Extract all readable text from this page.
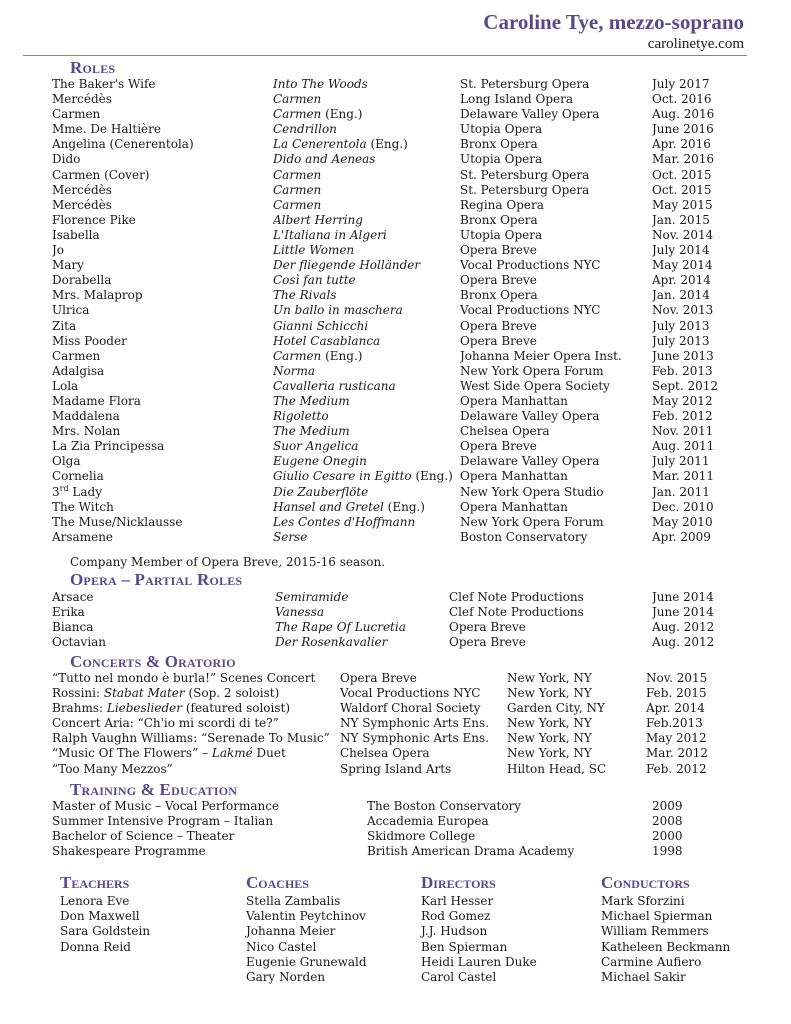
Caroline Tye, mezzo-soprano
carolinetye.com
Roles
The Baker's Wife	Into The Woods	St. Petersburg Opera	July 2017
Mercédès	Carmen	Long Island Opera	Oct. 2016
Carmen	Carmen (Eng.)	Delaware Valley Opera	Aug. 2016
Mme. De Haltière	Cendrillon	Utopia Opera	June 2016
Angelina (Cenerentola)	La Cenerentola (Eng.)	Bronx Opera	Apr. 2016
Dido	Dido and Aeneas	Utopia Opera	Mar. 2016
Carmen (Cover)	Carmen	St. Petersburg Opera	Oct. 2015
Mercédès	Carmen	St. Petersburg Opera	Oct. 2015
Mercédès	Carmen	Regina Opera	May 2015
Florence Pike	Albert Herring	Bronx Opera	Jan. 2015
Isabella	L'Italiana in Algeri	Utopia Opera	Nov. 2014
Jo	Little Women	Opera Breve	July 2014
Mary	Der fliegende Holländer	Vocal Productions NYC	May 2014
Dorabella	Così fan tutte	Opera Breve	Apr. 2014
Mrs. Malaprop	The Rivals	Bronx Opera	Jan. 2014
Ulrica	Un ballo in maschera	Vocal Productions NYC	Nov. 2013
Zita	Gianni Schicchi	Opera Breve	July 2013
Miss Pooder	Hotel Casablanca	Opera Breve	July 2013
Carmen	Carmen (Eng.)	Johanna Meier Opera Inst.	June 2013
Adalgisa	Norma	New York Opera Forum	Feb. 2013
Lola	Cavalleria rusticana	West Side Opera Society	Sept. 2012
Madame Flora	The Medium	Opera Manhattan	May 2012
Maddalena	Rigoletto	Delaware Valley Opera	Feb. 2012
Mrs. Nolan	The Medium	Chelsea Opera	Nov. 2011
La Zia Principessa	Suor Angelica	Opera Breve	Aug. 2011
Olga	Eugene Onegin	Delaware Valley Opera	July 2011
Cornelia	Giulio Cesare in Egitto (Eng.)	Opera Manhattan	Mar. 2011
3rd Lady	Die Zauberflöte	New York Opera Studio	Jan. 2011
The Witch	Hansel and Gretel (Eng.)	Opera Manhattan	Dec. 2010
The Muse/Nicklausse	Les Contes d'Hoffmann	New York Opera Forum	May 2010
Arsamene	Serse	Boston Conservatory	Apr. 2009
Company Member of Opera Breve, 2015-16 season.
Opera – Partial Roles
Arsace	Semiramide	Clef Note Productions	June 2014
Erika	Vanessa	Clef Note Productions	June 2014
Bianca	The Rape Of Lucretia	Opera Breve	Aug. 2012
Octavian	Der Rosenkavalier	Opera Breve	Aug. 2012
Concerts & Oratorio
“Tutto nel mondo è burla!” Scenes Concert	Opera Breve	New York, NY	Nov. 2015
Rossini: Stabat Mater (Sop. 2 soloist)	Vocal Productions NYC	New York, NY	Feb. 2015
Brahms: Liebeslieder (featured soloist)	Waldorf Choral Society	Garden City, NY	Apr. 2014
Concert Aria: “Ch'io mi scordi di te?”	NY Symphonic Arts Ens.	New York, NY	Feb.2013
Ralph Vaughn Williams: “Serenade To Music”	NY Symphonic Arts Ens.	New York, NY	May 2012
“Music Of The Flowers” – Lakmé Duet	Chelsea Opera	New York, NY	Mar. 2012
“Too Many Mezzos”	Spring Island Arts	Hilton Head, SC	Feb. 2012
Training & Education
Master of Music – Vocal Performance	The Boston Conservatory	2009
Summer Intensive Program – Italian	Accademia Europea	2008
Bachelor of Science – Theater	Skidmore College	2000
Shakespeare Programme	British American Drama Academy	1998
Teachers
Lenora Eve
Don Maxwell
Sara Goldstein
Donna Reid
Coaches
Stella Zambalis
Valentin Peytchinov
Johanna Meier
Nico Castel
Eugenie Grunewald
Gary Norden
Directors
Karl Hesser
Rod Gomez
J.J. Hudson
Ben Spierman
Heidi Lauren Duke
Carol Castel
Conductors
Mark Sforzini
Michael Spierman
William Remmers
Katheleen Beckmann
Carmine Aufiero
Michael Sakir
